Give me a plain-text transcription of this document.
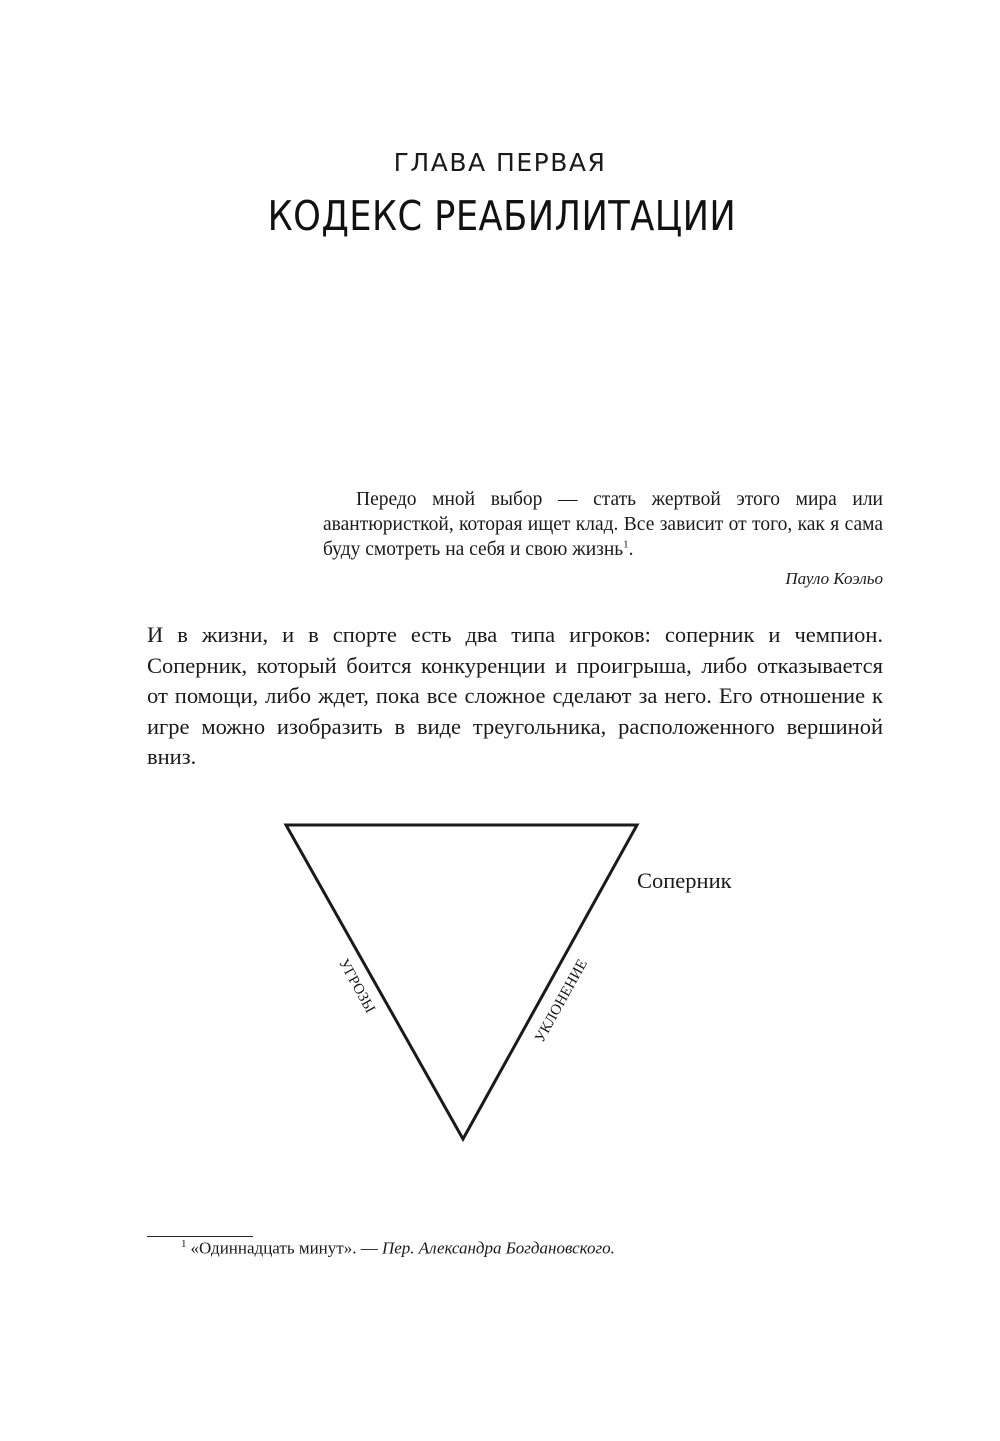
ГЛАВА ПЕРВАЯ
КОДЕКС РЕАБИЛИТАЦИИ

Передо мной выбор — стать жертвой этого мира или авантюристкой, которая ищет клад. Все зависит от того, как я сама буду смотреть на себя и свою жизнь$^1$.

Пауло Коэльо

И в жизни, и в спорте есть два типа игроков: соперник и чемпион. Соперник, который боится конкуренции и проигрыша, либо отказывается от помощи, либо ждет, пока все сложное сделают за него. Его отношение к игре можно изобразить в виде треугольника, расположенного вершиной вниз.

Соперник
УГРОЗЫ	УКЛОНЕНИЕ
$^1$ «Одиннадцать минут». — Пер. Александра Богдановского.
